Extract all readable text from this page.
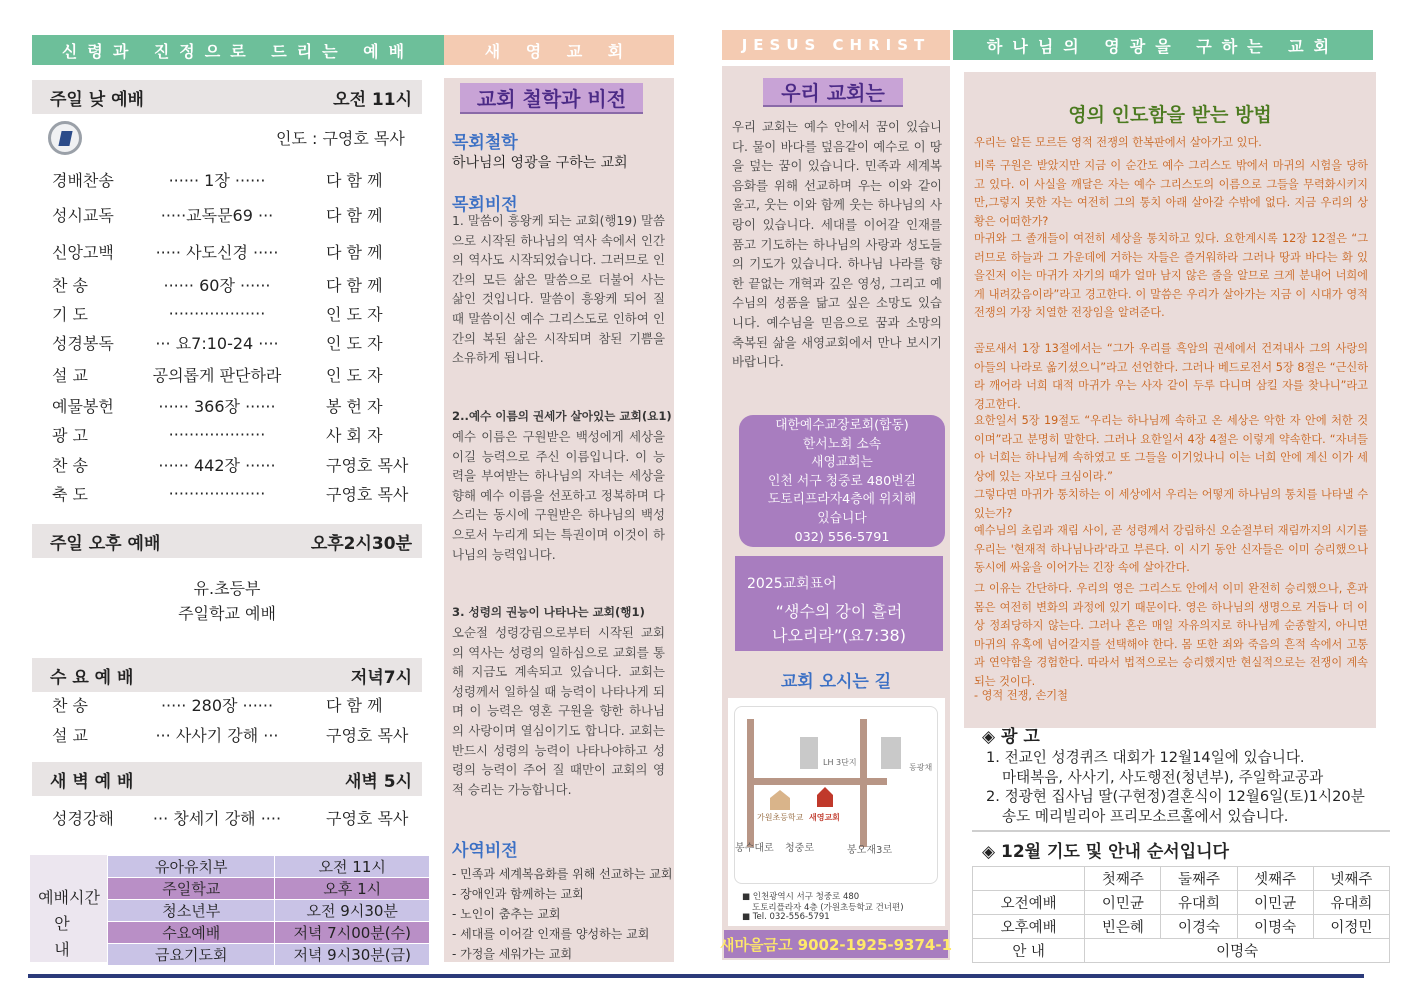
신령과 진정으로 드리는 예배	새 영 교 회	JESUS CHRIST	하나님의 영광을 구하는 교회
주일 낮 예배	오전 11시
인도 : 구영호 목사
경배찬송	······ 1장 ······	다 함 께
성시교독	·····교독문69 ···	다 함 께
신앙고백	····· 사도신경 ·····	다 함 께
찬 송	······ 60장 ······	다 함 께
기 도	···················	인 도 자
성경봉독	··· 요7:10-24 ····	인 도 자
설 교	공의롭게 판단하라	인 도 자
예물봉헌	······ 366장 ······	봉 헌 자
광 고	···················	사 회 자
찬 송	······ 442장 ······	구영호 목사
축 도	···················	구영호 목사
주일 오후 예배	오후2시30분
유.초등부
주일학교 예배
수 요 예 배	저녁7시
찬 송	····· 280장 ······	다 함 께
설 교	··· 사사기 강해 ···	구영호 목사
새 벽 예 배	새벽 5시
성경강해	··· 창세기 강해 ····	구영호 목사
예배시간
안 내
유아유치부	오전 11시
주일학교	오후 1시
청소년부	오전 9시30분
수요예배	저녁 7시00분(수)
금요기도회	저녁 9시30분(금)
교회 철학과 비전
목회철학
하나님의 영광을 구하는 교회
목회비전
1. 말씀이 흥왕케 되는 교회(행19) 말씀으로 시작된 하나님의 역사 속에서 인간의 역사도 시작되었습니다. 그러므로 인간의 모든 삶은 말씀으로 더불어 사는 삶인 것입니다. 말씀이 흥왕케 되어 질 때 말씀이신 예수 그리스도로 인하여 인간의 복된 삶은 시작되며 참된 기쁨을 소유하게 됩니다.
2..예수 이름의 권세가 살아있는 교회(요1)
예수 이름은 구원받은 백성에게 세상을 이길 능력으로 주신 이름입니다. 이 능력을 부여받는 하나님의 자녀는 세상을 향해 예수 이름을 선포하고 정복하며 다스리는 동시에 구원받은 하나님의 백성으로서 누리게 되는 특권이며 이것이 하나님의 능력입니다.
3. 성령의 권능이 나타나는 교회(행1)
오순절 성령강림으로부터 시작된 교회의 역사는 성령의 일하심으로 교회를 통해 지금도 계속되고 있습니다. 교회는 성령께서 일하실 때 능력이 나타나게 되며 이 능력은 영혼 구원을 향한 하나님의 사랑이며 열심이기도 합니다. 교회는 반드시 성령의 능력이 나타나야하고 성령의 능력이 주어 질 때만이 교회의 영적 승리는 가능합니다.
사역비전
- 민족과 세계복음화를 위해 선교하는 교회
- 장애인과 함께하는 교회
- 노인이 춤추는 교회
- 세대를 이어갈 인재를 양성하는 교회
- 가정을 세워가는 교회
우리 교회는
우리 교회는 예수 안에서 꿈이 있습니다. 물이 바다를 덮음같이 예수로 이 땅을 덮는 꿈이 있습니다. 민족과 세계복음화를 위해 선교하며 우는 이와 같이 울고, 웃는 이와 함께 웃는 하나님의 사랑이 있습니다. 세대를 이어갈 인재를 품고 기도하는 하나님의 사랑과 성도들의 기도가 있습니다. 하나님 나라를 향한 끝없는 개혁과 깊은 영성, 그리고 예수님의 성품을 닮고 싶은 소망도 있습니다. 예수님을 믿음으로 꿈과 소망의 축복된 삶을 새영교회에서 만나 보시기 바랍니다.
대한예수교장로회(합동)
한서노회 소속
새영교회는
인천 서구 청중로 480번길
도토리프라자4층에 위치해
있습니다
032) 556-5791
2025교회표어
“생수의 강이 흘러
나오리라”(요7:38)
교회 오시는 길
LH 3단지
동광채
가원초등학교 새영교회
봉수대로 청중로	봉오재3로
■ 인천광역시 서구 청중로 480
도토리플라자 4층 (가원초등학교 건너편)
■ Tel. 032-556-5791
새마을금고 9002-1925-9374-1
영의 인도함을 받는 방법
우리는 알든 모르든 영적 전쟁의 한복판에서 살아가고 있다.
비록 구원은 받았지만 지금 이 순간도 예수 그리스도 밖에서 마귀의 시험을 당하고 있다. 이 사실을 깨달은 자는 예수 그리스도의 이름으로 그들을 무력화시키지만,그렇지 못한 자는 여전히 그의 통치 아래 살아갈 수밖에 없다. 지금 우리의 상황은 어떠한가?
마귀와 그 졸개들이 여전히 세상을 통치하고 있다. 요한계시록 12장 12절은 “그러므로 하늘과 그 가운데에 거하는 자들은 즐거워하라 그러나 땅과 바다는 화 있을진저 이는 마귀가 자기의 때가 얼마 남지 않은 줄을 알므로 크게 분내어 너희에게 내려갔음이라”라고 경고한다. 이 말씀은 우리가 살아가는 지금 이 시대가 영적 전쟁의 가장 치열한 전장임을 알려준다.
골로새서 1장 13절에서는 “그가 우리를 흑암의 권세에서 건져내사 그의 사랑의 아들의 나라로 옮기셨으니”라고 선언한다. 그러나 베드로전서 5장 8절은 “근신하라 깨어라 너희 대적 마귀가 우는 사자 같이 두루 다니며 삼킬 자를 찾나니”라고 경고한다.
요한일서 5장 19절도 “우리는 하나님께 속하고 온 세상은 악한 자 안에 처한 것이며”라고 분명히 말한다. 그러나 요한일서 4장 4절은 이렇게 약속한다. “자녀들아 너희는 하나님께 속하였고 또 그들을 이기었나니 이는 너희 안에 계신 이가 세상에 있는 자보다 크심이라.”
그렇다면 마귀가 통치하는 이 세상에서 우리는 어떻게 하나님의 통치를 나타낼 수 있는가?
예수님의 초림과 재림 사이, 곧 성령께서 강림하신 오순절부터 재림까지의 시기를 우리는 '현재적 하나님나라'라고 부른다. 이 시기 동안 신자들은 이미 승리했으나 동시에 싸움을 이어가는 긴장 속에 살아간다.
그 이유는 간단하다. 우리의 영은 그리스도 안에서 이미 완전히 승리했으나, 혼과 몸은 여전히 변화의 과정에 있기 때문이다. 영은 하나님의 생명으로 거듭나 더 이상 정죄당하지 않는다. 그러나 혼은 매일 자유의지로 하나님께 순종할지, 아니면 마귀의 유혹에 넘어갈지를 선택해야 한다. 몸 또한 죄와 죽음의 흔적 속에서 고통과 연약함을 경험한다. 따라서 법적으로는 승리했지만 현실적으로는 전쟁이 계속되는 것이다.
- 영적 전쟁, 손기철
◈ 광 고
1. 전교인 성경퀴즈 대회가 12월14일에 있습니다.
마태복음, 사사기, 사도행전(청년부), 주일학교공과
2. 정광현 집사님 딸(구현정)결혼식이 12월6일(토)1시20분
송도 메리빌리아 프리모소르홀에서 있습니다.
◈ 12월 기도 및 안내 순서입니다
	첫째주	둘째주	셋째주	넷째주
오전예배	이민균	유대희	이민균	유대희
오후예배	빈은혜	이경숙	이명숙	이정민
안 내	이명숙			
